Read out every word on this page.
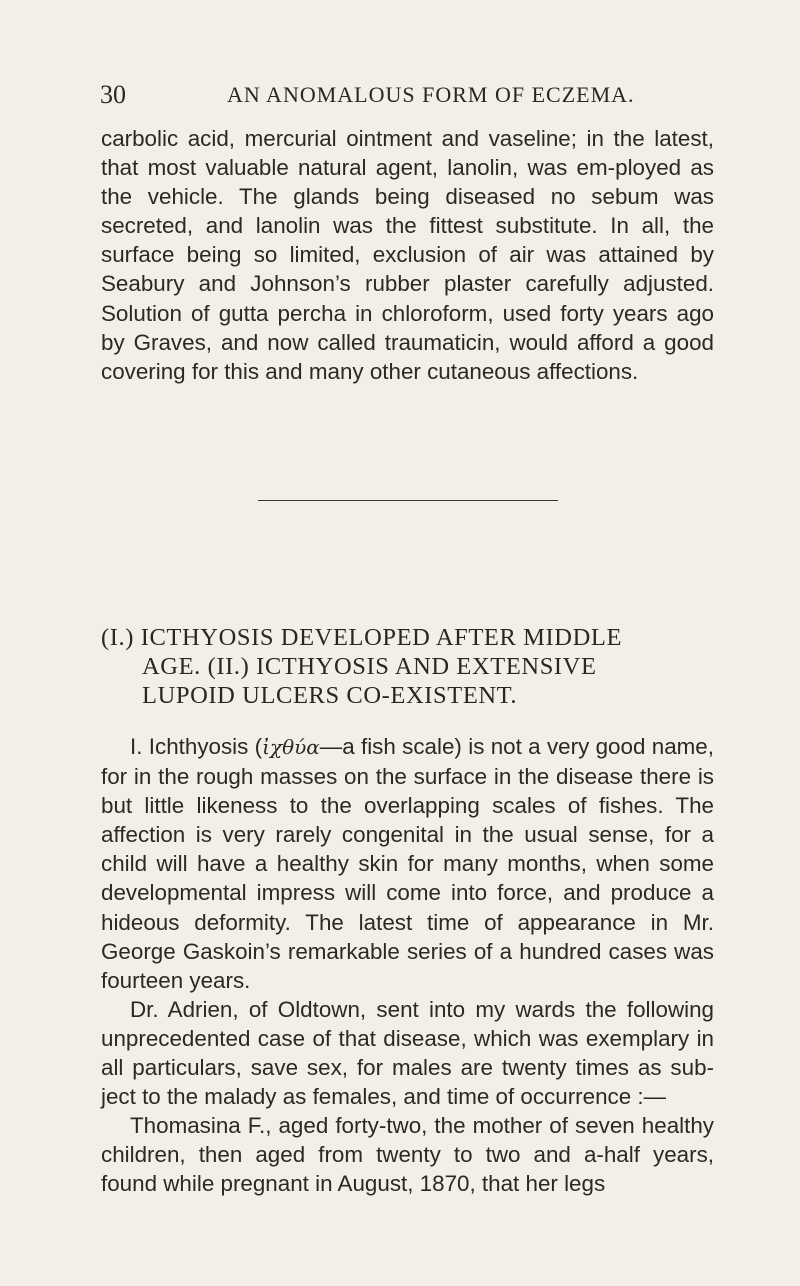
30	AN ANOMALOUS FORM OF ECZEMA.

carbolic acid, mercurial ointment and vaseline; in the latest, that most valuable natural agent, lanolin, was em-ployed as the vehicle. The glands being diseased no sebum was secreted, and lanolin was the fittest substitute. In all, the surface being so limited, exclusion of air was attained by Seabury and Johnson’s rubber plaster carefully adjusted. Solution of gutta percha in chloroform, used forty years ago by Graves, and now called traumaticin, would afford a good covering for this and many other cutaneous affections.

(I.) ICTHYOSIS DEVELOPED AFTER MIDDLE
AGE. (II.) ICTHYOSIS AND EXTENSIVE
LUPOID ULCERS CO-EXISTENT.

I. Ichthyosis (ἰχθύα—a fish scale) is not a very good name, for in the rough masses on the surface in the disease there is but little likeness to the overlapping scales of fishes. The affection is very rarely congenital in the usual sense, for a child will have a healthy skin for many months, when some developmental impress will come into force, and produce a hideous deformity. The latest time of appearance in Mr. George Gaskoin’s remarkable series of a hundred cases was fourteen years.

Dr. Adrien, of Oldtown, sent into my wards the following unprecedented case of that disease, which was exemplary in all particulars, save sex, for males are twenty times as sub-ject to the malady as females, and time of occurrence :—

Thomasina F., aged forty-two, the mother of seven healthy children, then aged from twenty to two and a-half years, found while pregnant in August, 1870, that her legs
